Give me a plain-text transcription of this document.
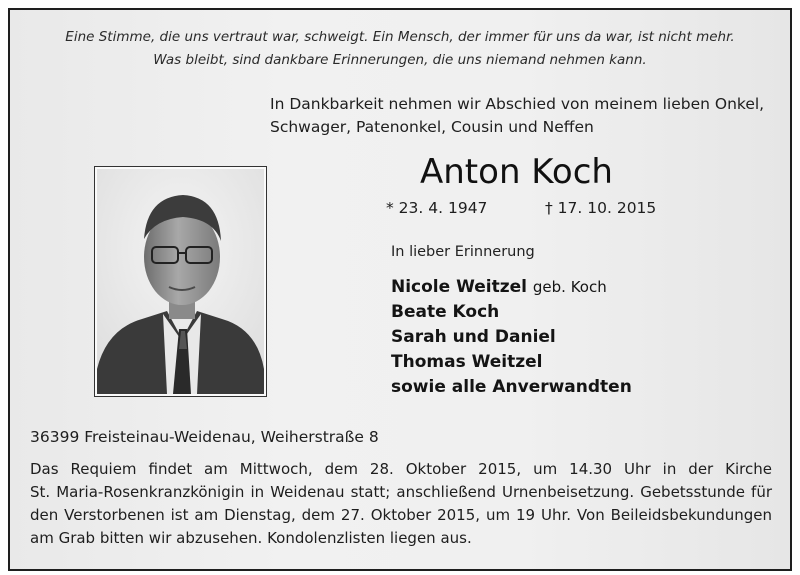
Eine Stimme, die uns vertraut war, schweigt. Ein Mensch, der immer für uns da war, ist nicht mehr.
Was bleibt, sind dankbare Erinnerungen, die uns niemand nehmen kann.
In Dankbarkeit nehmen wir Abschied von meinem lieben Onkel,
Schwager, Patenonkel, Cousin und Neffen
Anton Koch
* 23. 4. 1947	† 17. 10. 2015
In lieber Erinnerung
Nicole Weitzel geb. Koch
Beate Koch
Sarah und Daniel
Thomas Weitzel
sowie alle Anverwandten
36399 Freisteinau-Weidenau, Weiherstraße 8
Das Requiem findet am Mittwoch, dem 28. Oktober 2015, um 14.30 Uhr in der Kirche
St. Maria-Rosenkranzkönigin in Weidenau statt; anschließend Urnenbeisetzung. Gebetsstunde für
den Verstorbenen ist am Dienstag, dem 27. Oktober 2015, um 19 Uhr. Von Beileidsbekundungen
am Grab bitten wir abzusehen. Kondolenzlisten liegen aus.
